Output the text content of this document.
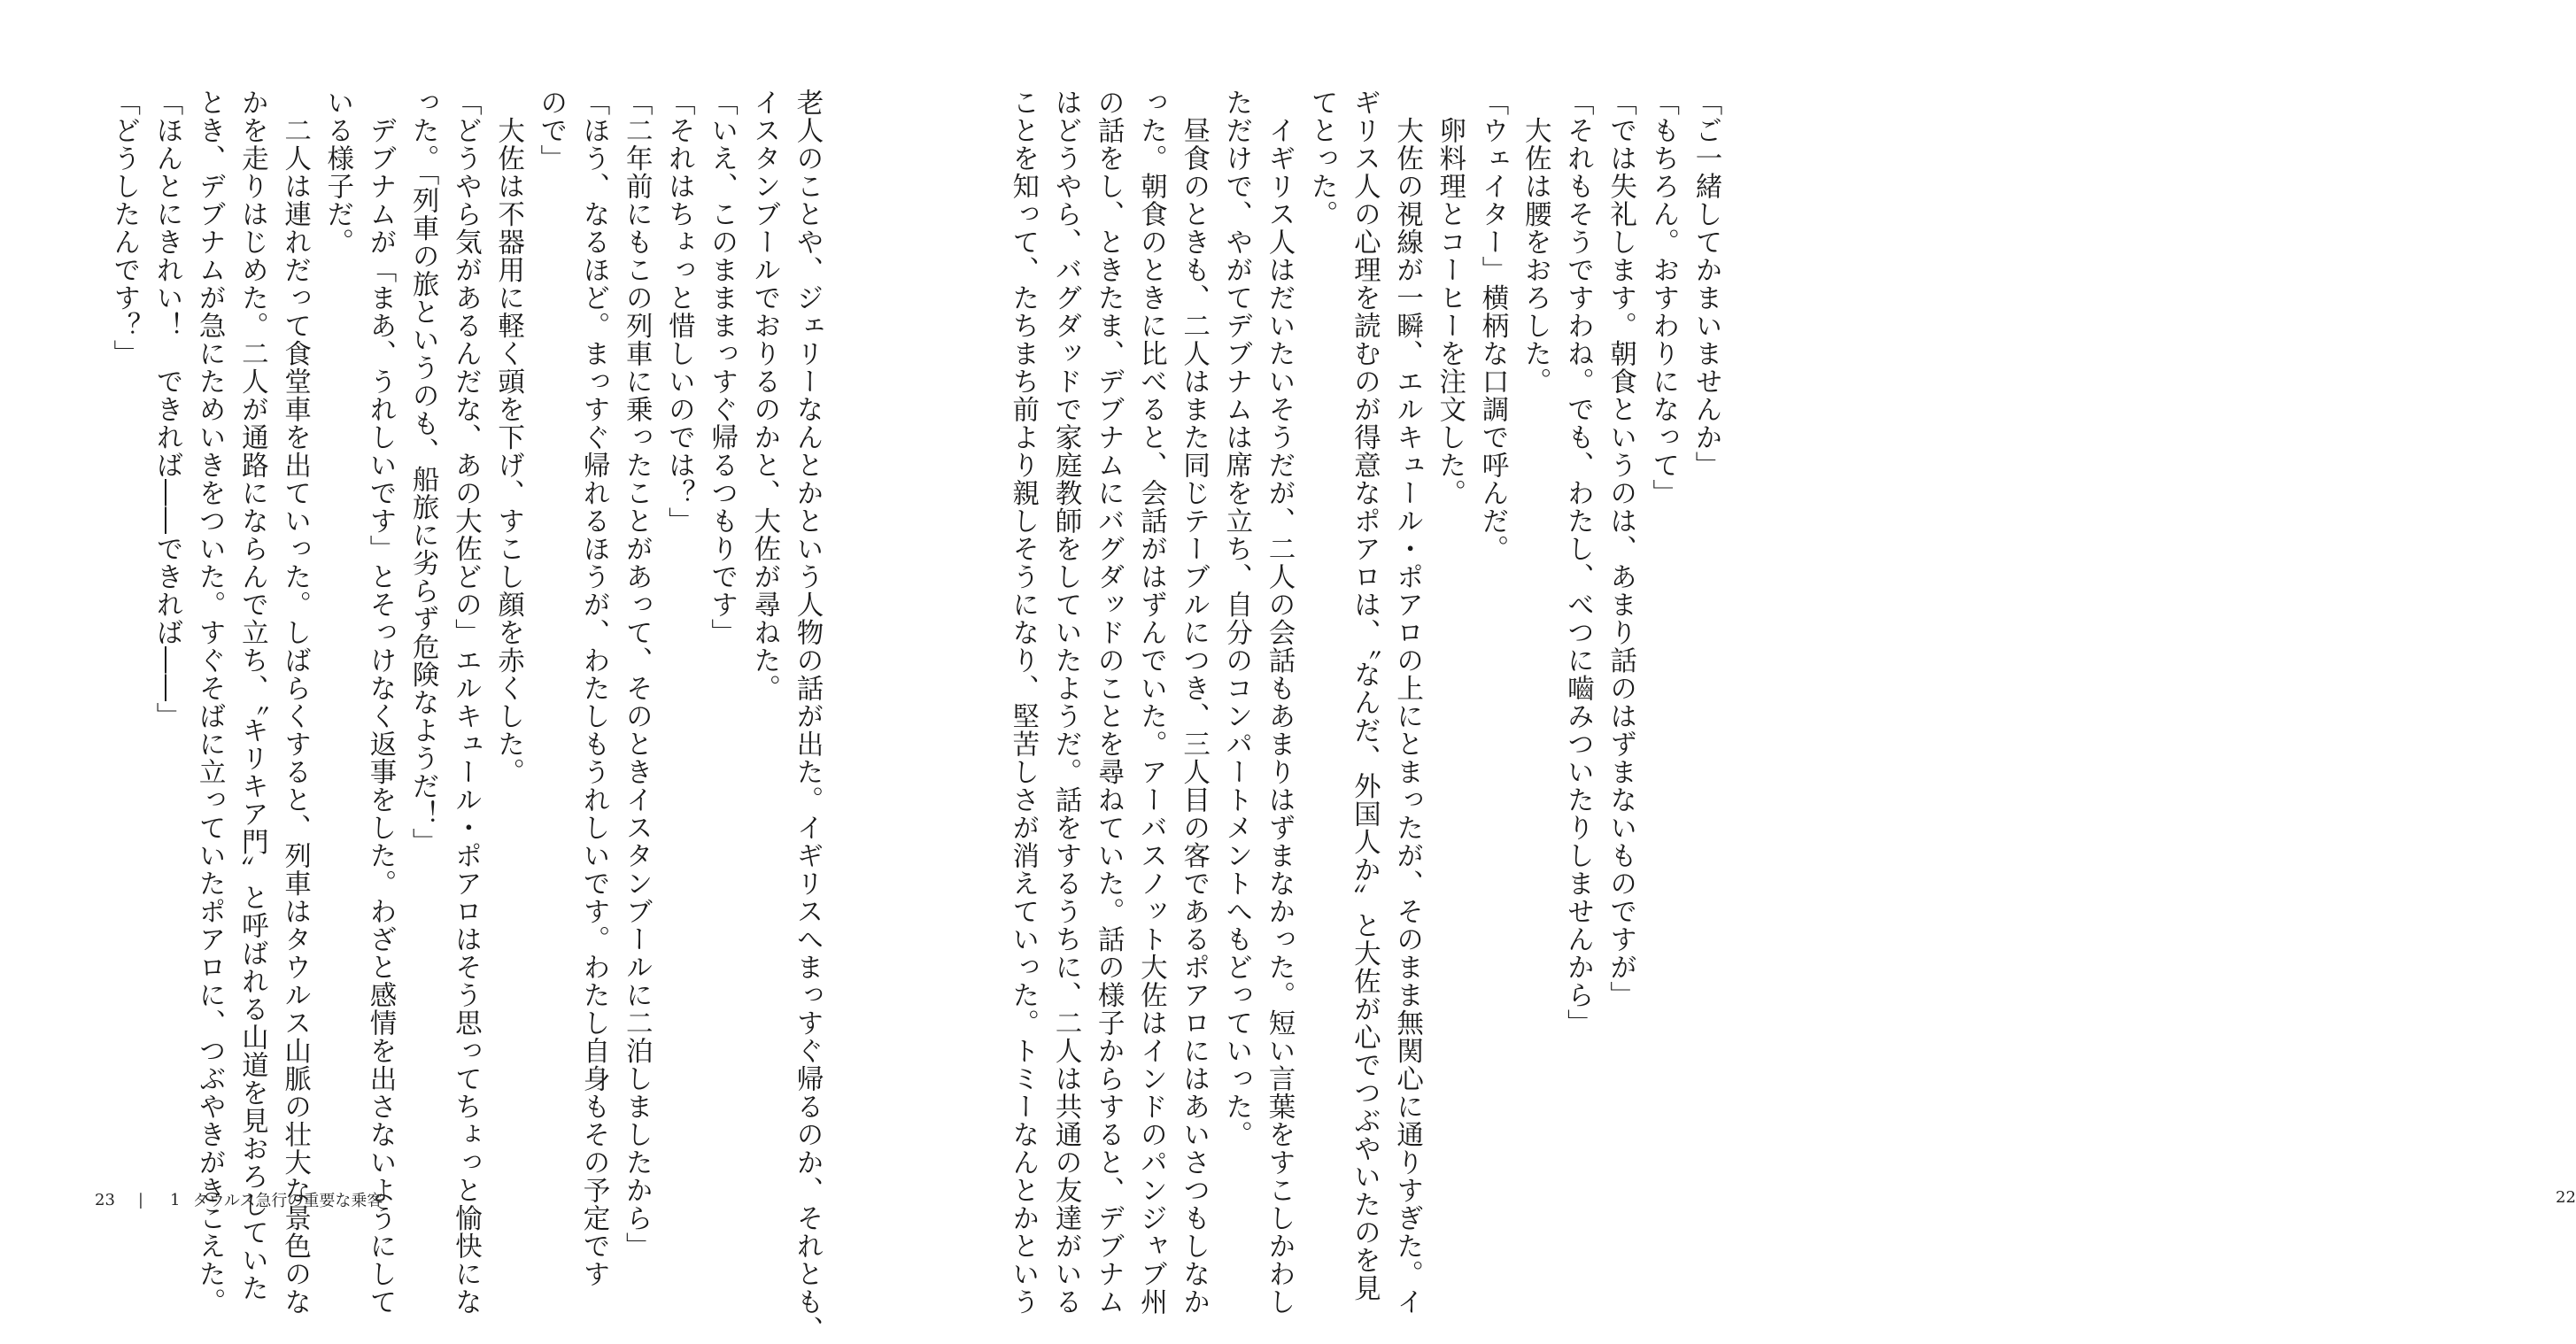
「ご一緒してかまいませんか」

「もちろん。おすわりになって」

「では失礼します。朝食というのは、あまり話のはずまないものですが」

「それもそうですわね。でも、わたし、べつに嚙みついたりしませんから」

大佐は腰をおろした。

「ウェイター」横柄な口調で呼んだ。

卵料理とコーヒーを注文した。

大佐の視線が一瞬、エルキュール・ポアロの上にとまったが、そのまま無関心に通りすぎた。イ

ギリス人の心理を読むのが得意なポアロは、〝なんだ、外国人か〟と大佐が心でつぶやいたのを見

てとった。

イギリス人はだいたいそうだが、二人の会話もあまりはずまなかった。短い言葉をすこしかわし

ただけで、やがてデブナムは席を立ち、自分のコンパートメントへもどっていった。

昼食のときも、二人はまた同じテーブルにつき、三人目の客であるポアロにはあいさつもしなか

った。朝食のときに比べると、会話がはずんでいた。アーバスノット大佐はインドのパンジャブ州

の話をし、ときたま、デブナムにバグダッドのことを尋ねていた。話の様子からすると、デブナム

はどうやら、バグダッドで家庭教師をしていたようだ。話をするうちに、二人は共通の友達がいる

ことを知って、たちまち前より親しそうになり、堅苦しさが消えていった。トミーなんとかという	22

老人のことや、ジェリーなんとかという人物の話が出た。イギリスへまっすぐ帰るのか、それとも、

イスタンブールでおりるのかと、大佐が尋ねた。

「いえ、このまままっすぐ帰るつもりです」

「それはちょっと惜しいのでは？」

「二年前にもこの列車に乗ったことがあって、そのときイスタンブールに二泊しましたから」

「ほう、なるほど。まっすぐ帰れるほうが、わたしもうれしいです。わたし自身もその予定です

ので」

大佐は不器用に軽く頭を下げ、すこし顔を赤くした。

「どうやら気があるんだな、あの大佐どの」エルキュール・ポアロはそう思ってちょっと愉快にな

った。「列車の旅というのも、船旅に劣らず危険なようだ！」

デブナムが「まあ、うれしいです」とそっけなく返事をした。わざと感情を出さないようにして

いる様子だ。

二人は連れだって食堂車を出ていった。しばらくすると、列車はタウルス山脈の壮大な景色のな

かを走りはじめた。二人が通路にならんで立ち、〝キリキア門〟と呼ばれる山道を見おろしていた

とき、デブナムが急にためいきをついた。すぐそばに立っていたポアロに、つぶやきがきこえた。

「ほんとにきれい！　できれば――できれば――」

「どうしたんです？」

23 | 1 タウルス急行の重要な乗客
